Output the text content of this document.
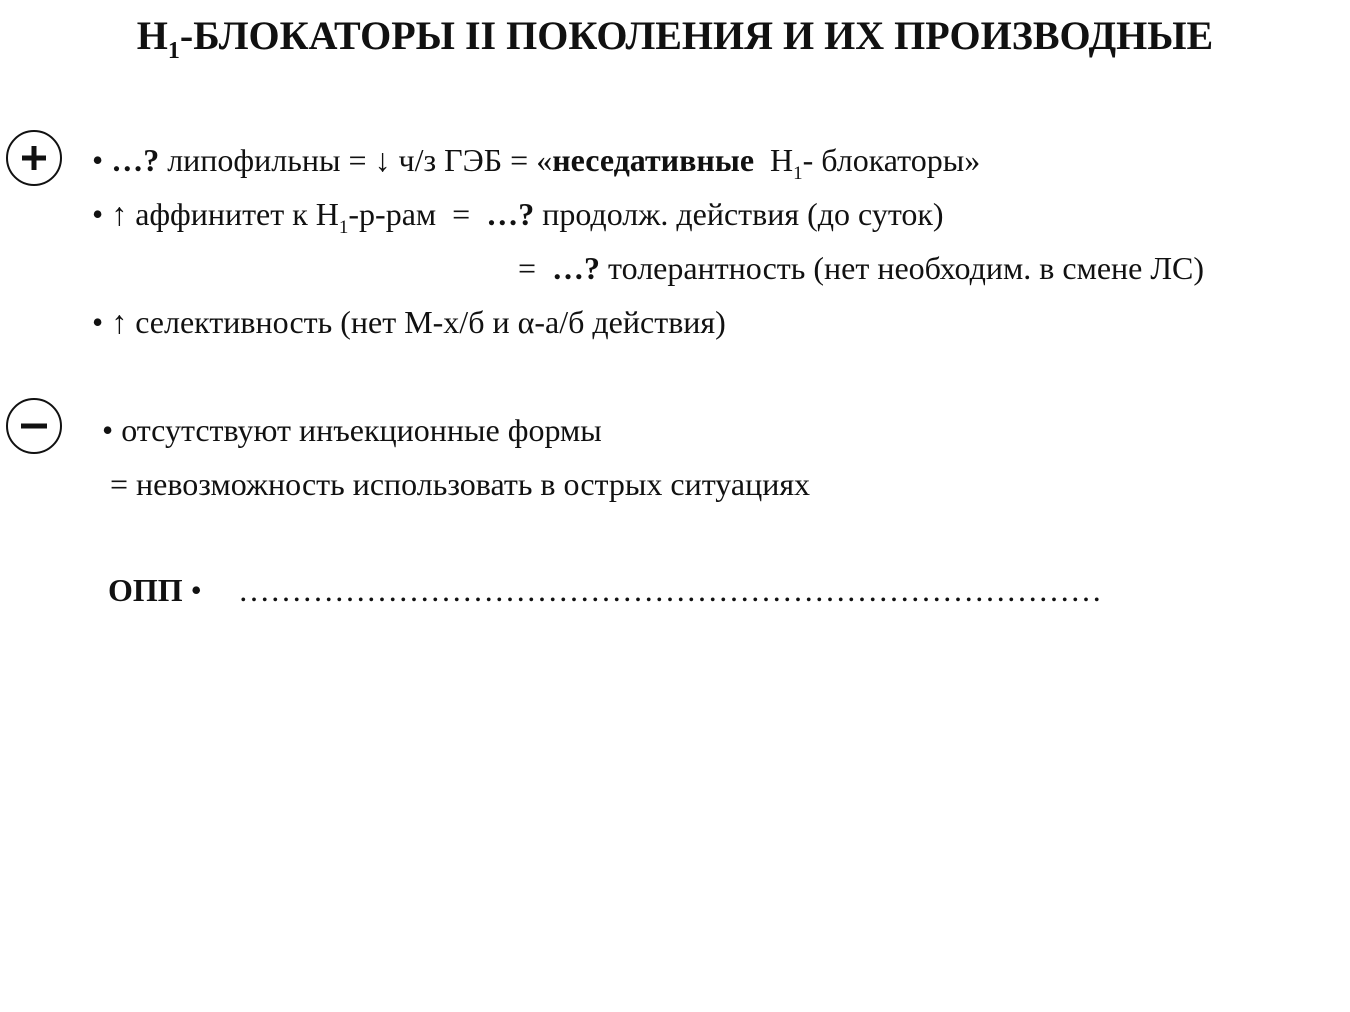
$H_1$-БЛОКАТОРЫ II ПОКОЛЕНИЯ И ИХ ПРОИЗВОДНЫЕ
• …? липофильны = ↓ ч/з ГЭБ = «неседативные  $H_1-$ блокаторы»
• ↑ аффинитет к $H_1-р$-рам  =  …? продолж. действия (до суток)
=  …? толерантность (нет необходим. в смене ЛС)
• ↑ селективность (нет М-х/б и α-а/б действия)
• отсутствуют инъекционные формы
= невозможность использовать в острых ситуациях
ОПП • ………………………………………………………………………
